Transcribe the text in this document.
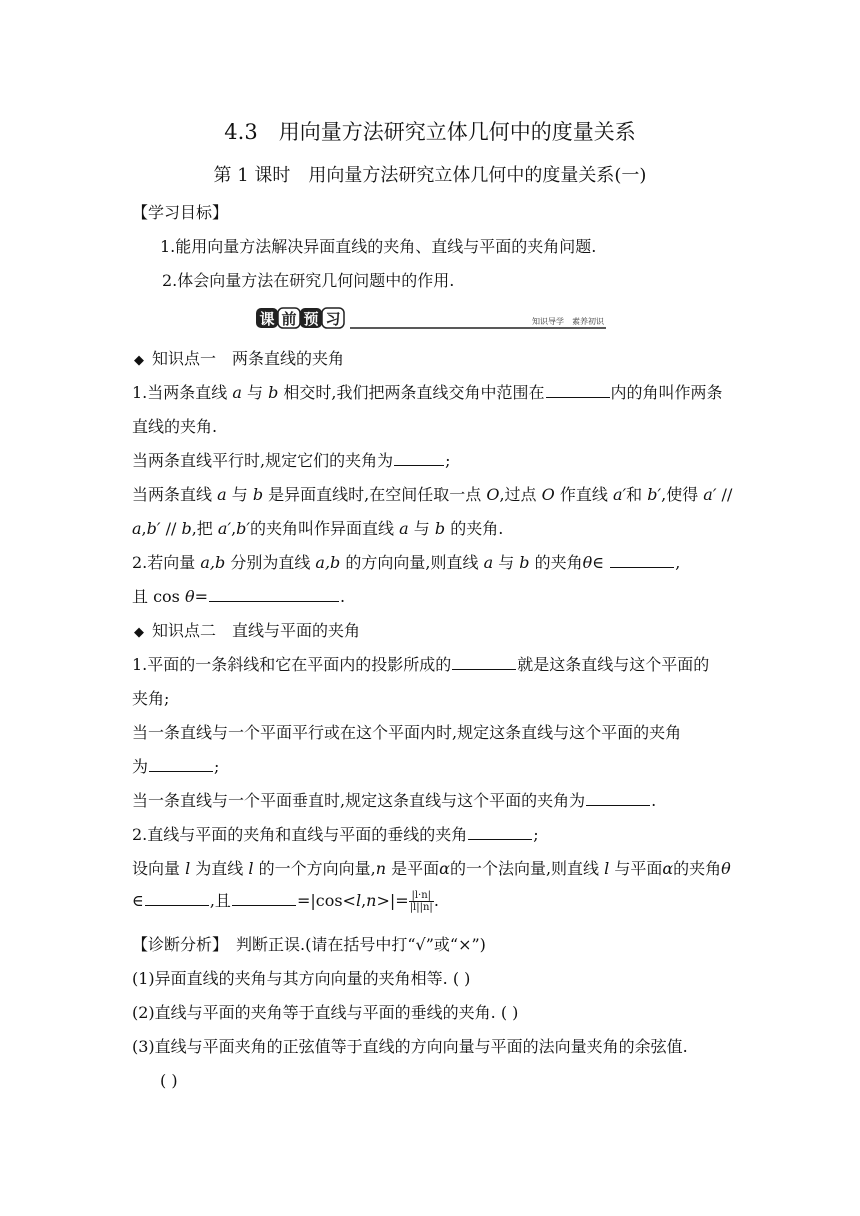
4.3　用向量方法研究立体几何中的度量关系
第 1 课时　用向量方法研究立体几何中的度量关系(一)
【学习目标】
1.能用向量方法解决异面直线的夹角、直线与平面的夹角问题.
2.体会向量方法在研究几何问题中的作用.
课 前 预 习	知识导学　素养初识
◆ 知识点一　两条直线的夹角
1.当两条直线 a 与 b 相交时,我们把两条直线交角中范围在	内的角叫作两条
直线的夹角.
当两条直线平行时,规定它们的夹角为	;
当两条直线 a 与 b 是异面直线时,在空间任取一点 O,过点 O 作直线 a′和 b′,使得 a′ //
a,b′ // b,把 a′,b′的夹角叫作异面直线 a 与 b 的夹角.
2.若向量 a,b 分别为直线 a,b 的方向向量,则直线 a 与 b 的夹角θ∈	,
且 cos θ=	.
◆ 知识点二　直线与平面的夹角
1.平面的一条斜线和它在平面内的投影所成的	就是这条直线与这个平面的
夹角;
当一条直线与一个平面平行或在这个平面内时,规定这条直线与这个平面的夹角
为	;
当一条直线与一个平面垂直时,规定这条直线与这个平面的夹角为	.
2.直线与平面的夹角和直线与平面的垂线的夹角	;
设向量 l 为直线 l 的一个方向向量,n 是平面α的一个法向量,则直线 l 与平面α的夹角θ
∈	,且	$=|\cos<l,n>|= \frac{|l\cdot n|}{|l||n|}$ .
【诊断分析】　判断正误.(请在括号中打“√”或“×”)
(1)异面直线的夹角与其方向向量的夹角相等. ( )
(2)直线与平面的夹角等于直线与平面的垂线的夹角. ( )
(3)直线与平面夹角的正弦值等于直线的方向向量与平面的法向量夹角的余弦值.
( )
